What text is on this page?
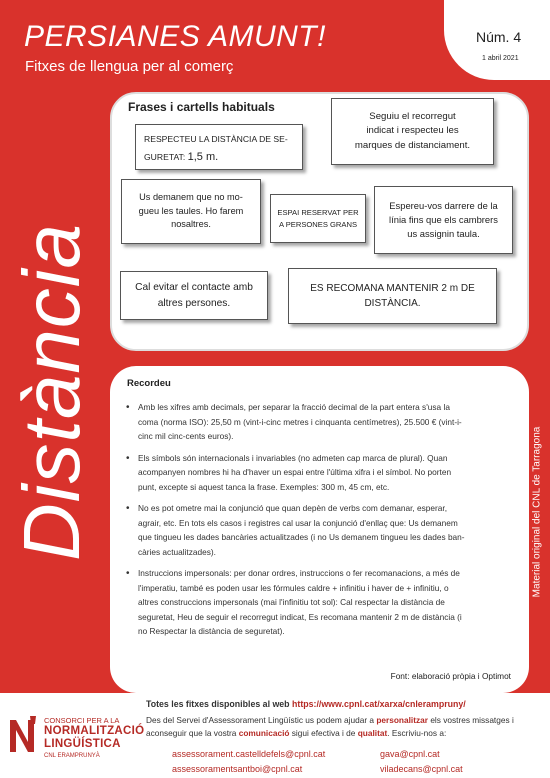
PERSIANES AMUNT!
Fitxes de llengua per al comerç
Núm. 4
1 abril 2021
Distància
Frases i cartells habituals
RESPECTEU LA DISTÀNCIA DE SE-
GURETAT: 1,5 m.
Seguiu el recorregut
indicat i respecteu les
marques de distanciament.
Us demanem que no mo-
gueu les taules. Ho farem
nosaltres.
ESPAI RESERVAT PER
A PERSONES GRANS
Espereu-vos darrere de la
línia fins que els cambrers
us assignin taula.
Cal evitar el contacte amb
altres persones.
ES RECOMANA MANTENIR 2 m DE
DISTÀNCIA.
Recordeu
• Amb les xifres amb decimals, per separar la fracció decimal de la part entera s'usa la
coma (norma ISO): 25,50 m (vint-i-cinc metres i cinquanta centímetres), 25.500 € (vint-i-
cinc mil cinc-cents euros).
• Els símbols són internacionals i invariables (no admeten cap marca de plural). Quan
acompanyen nombres hi ha d'haver un espai entre l'última xifra i el símbol. No porten
punt, excepte si aquest tanca la frase. Exemples: 300 m, 45 cm, etc.
• No es pot ometre mai la conjunció que quan depèn de verbs com demanar, esperar,
agrair, etc. En tots els casos i registres cal usar la conjunció d'enllaç que: Us demanem
que tingueu les dades bancàries actualitzades (i no Us demanem tingueu les dades ban-
càries actualitzades).
• Instruccions impersonals: per donar ordres, instruccions o fer recomanacions, a més de
l'imperatiu, també es poden usar les fórmules caldre + infinitiu i haver de + infinitiu, o
altres construccions impersonals (mai l'infinitiu tot sol): Cal respectar la distància de
seguretat, Heu de seguir el recorregut indicat, Es recomana mantenir 2 m de distància (i
no Respectar la distància de seguretat).
Font: elaboració pròpia i Optimot
Material original del CNL de Tarragona
CONSORCI PER A LA
NORMALITZACIÓ
LINGÜÍSTICA
CNL ERAMPRUNYÀ
Totes les fitxes disponibles al web https://www.cpnl.cat/xarxa/cnlerampruny/
Des del Servei d'Assessorament Lingüístic us podem ajudar a personalitzar els vostres missatges i aconseguir que la vostra comunicació sigui efectiva i de qualitat. Escriviu-nos a:
assessorament.castelldefels@cpnl.cat	gava@cpnl.cat
assessoramentsantboi@cpnl.cat	viladecans@cpnl.cat
